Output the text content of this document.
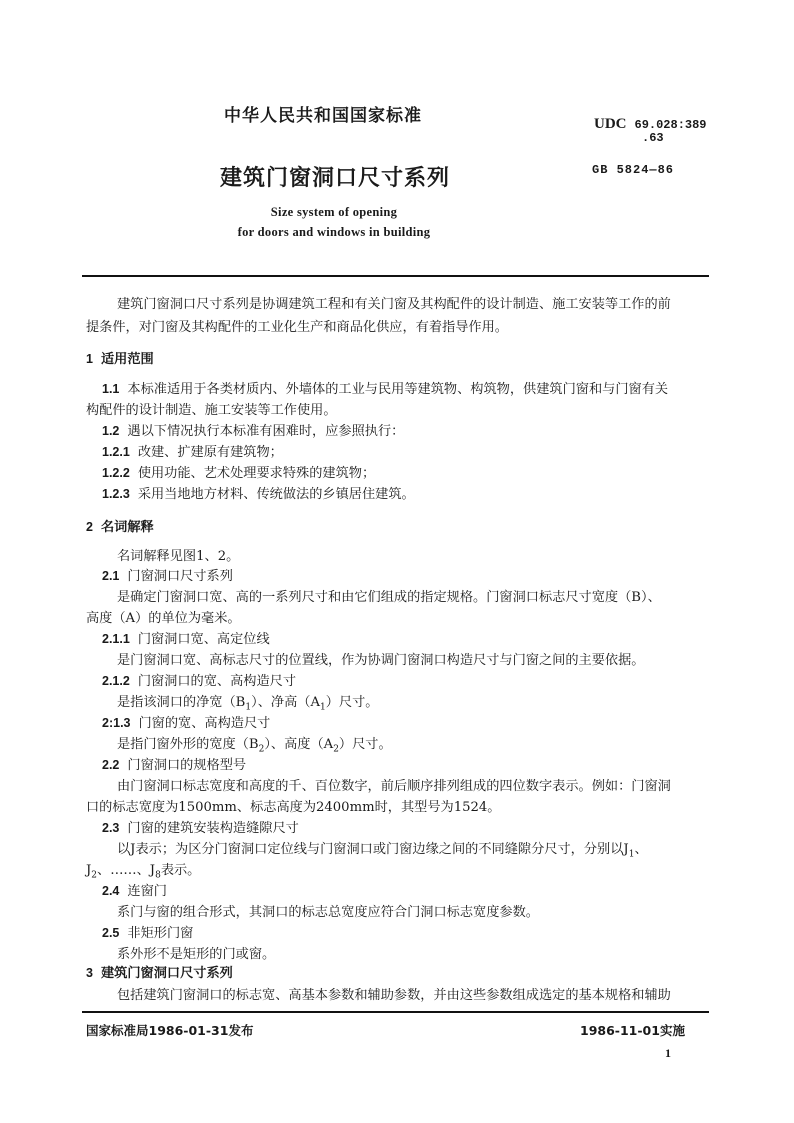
中华人民共和国国家标准	UDC 69.028:389
.63
建筑门窗洞口尺寸系列	GB 5824—86
Size system of opening
for doors and windows in building
建筑门窗洞口尺寸系列是协调建筑工程和有关门窗及其构配件的设计制造、施工安装等工作的前
提条件，对门窗及其构配件的工业化生产和商品化供应，有着指导作用。
1 适用范围
1.1 本标准适用于各类材质内、外墙体的工业与民用等建筑物、构筑物，供建筑门窗和与门窗有关
构配件的设计制造、施工安装等工作使用。
1.2 遇以下情况执行本标准有困难时，应参照执行：
1.2.1 改建、扩建原有建筑物；
1.2.2 使用功能、艺术处理要求特殊的建筑物；
1.2.3 采用当地地方材料、传统做法的乡镇居住建筑。
2 名词解释
名词解释见图1、2。
2.1 门窗洞口尺寸系列
是确定门窗洞口宽、高的一系列尺寸和由它们组成的指定规格。门窗洞口标志尺寸宽度（B）、
高度（A）的单位为毫米。
2.1.1 门窗洞口宽、高定位线
是门窗洞口宽、高标志尺寸的位置线，作为协调门窗洞口构造尺寸与门窗之间的主要依据。
2.1.2 门窗洞口的宽、高构造尺寸
是指该洞口的净宽$(B_1)$、净高$(A_1)$尺寸。
2:1.3 门窗的宽、高构造尺寸
是指门窗外形的宽度$(B_2)$、高度$(A_2)$尺寸。
2.2 门窗洞口的规格型号
由门窗洞口标志宽度和高度的千、百位数字，前后顺序排列组成的四位数字表示。例如：门窗洞
口的标志宽度为1500mm、标志高度为2400mm时，其型号为1524。
2.3 门窗的建筑安装构造缝隙尺寸
以J表示；为区分门窗洞口定位线与门窗洞口或门窗边缘之间的不同缝隙分尺寸，分别以$J_1$、
$J_2$、……、$J_8$表示。
2.4 连窗门
系门与窗的组合形式，其洞口的标志总宽度应符合门洞口标志宽度参数。
2.5 非矩形门窗
系外形不是矩形的门或窗。
3 建筑门窗洞口尺寸系列
包括建筑门窗洞口的标志宽、高基本参数和辅助参数，并由这些参数组成选定的基本规格和辅助
国家标准局1986-01-31发布	1986-11-01实施
1
